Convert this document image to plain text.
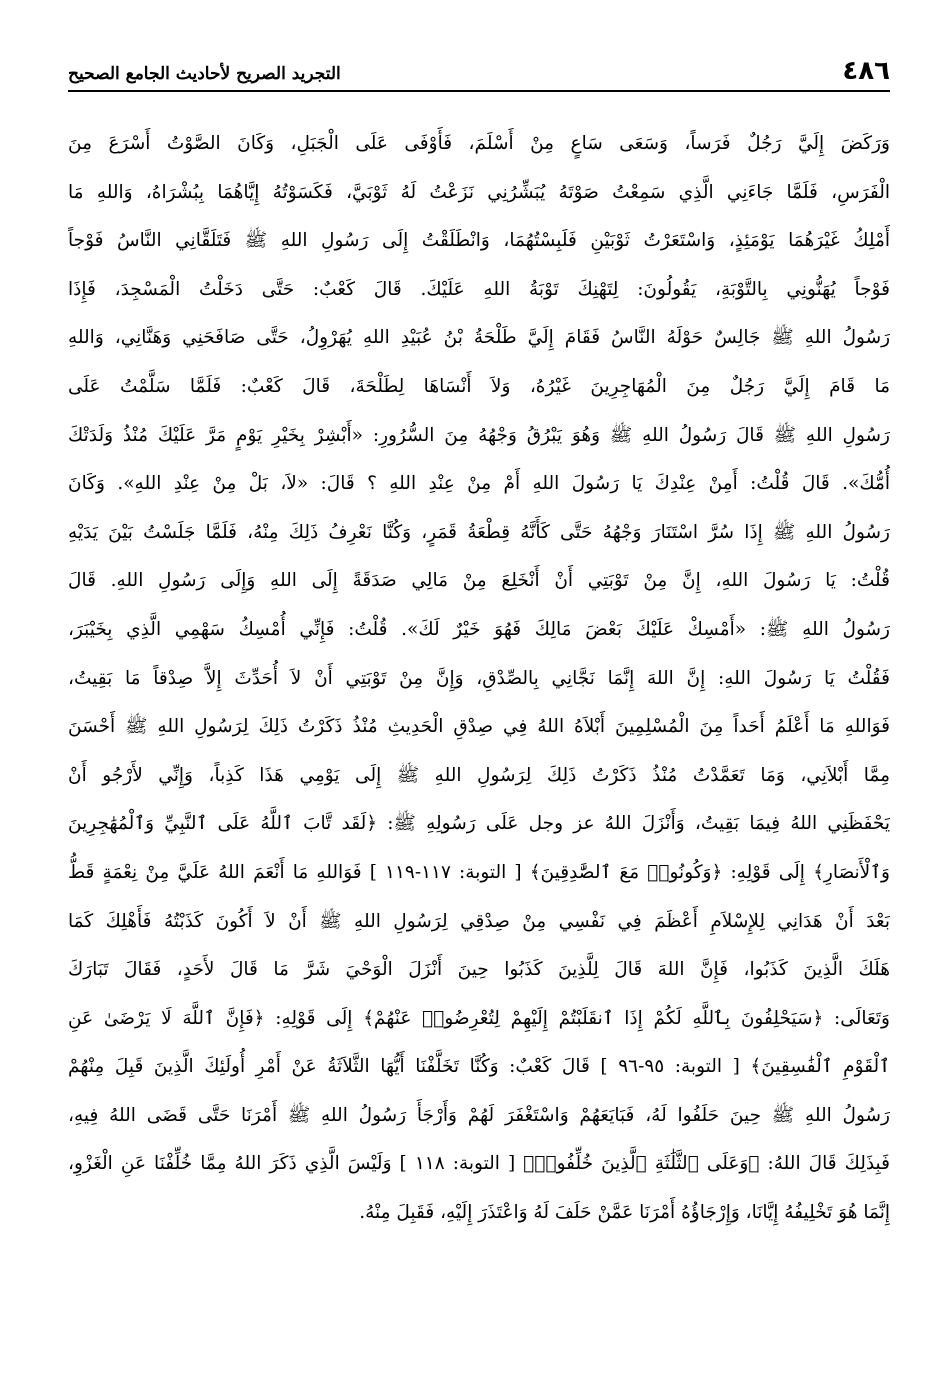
٤٨٦
التجريد الصريح لأحاديث الجامع الصحيح
وَرَكَضَ إِلَيَّ رَجُلٌ فَرَساً، وَسَعَى سَاعٍ مِنْ أَسْلَمَ، فَأَوْفَى عَلَى الْجَبَلِ، وَكَانَ الصَّوْتُ أَسْرَعَ مِنَ
الْفَرَسِ، فَلَمَّا جَاءَنِي الَّذِي سَمِعْتُ صَوْتَهُ يُبَشِّرُنِي نَزَعْتُ لَهُ ثَوْبَيَّ، فَكَسَوْتُهُ إِيَّاهُمَا بِبُشْرَاهُ، وَاللهِ مَا
أَمْلِكُ غَيْرَهُمَا يَوْمَئِذٍ، وَاسْتَعَرْتُ ثَوْبَيْنِ فَلَبِسْتُهُمَا، وَانْطَلَقْتُ إِلَى رَسُولِ اللهِ ﷺ فَتَلَقَّانِي النَّاسُ فَوْجاً
فَوْجاً يُهَنُّونِي بِالتَّوْبَةِ، يَقُولُونَ: لِتَهْنِكَ تَوْبَةُ اللهِ عَلَيْكَ. قَالَ كَعْبٌ: حَتَّى دَخَلْتُ الْمَسْجِدَ، فَإِذَا
رَسُولُ اللهِ ﷺ جَالِسٌ حَوْلَهُ النَّاسُ فَقَامَ إِلَيَّ طَلْحَةُ بْنُ عُبَيْدِ اللهِ يُهَرْوِلُ، حَتَّى صَافَحَنِي وَهَنَّانِي، وَاللهِ
مَا قَامَ إِلَيَّ رَجُلٌ مِنَ الْمُهَاجِرِينَ غَيْرُهُ، وَلاَ أَنْسَاهَا لِطَلْحَةَ، قَالَ كَعْبٌ: فَلَمَّا سَلَّمْتُ عَلَى
رَسُولِ اللهِ ﷺ قَالَ رَسُولُ اللهِ ﷺ وَهُوَ يَبْرُقُ وَجْهُهُ مِنَ السُّرُورِ: «أَبْشِرْ بِخَيْرِ يَوْمٍ مَرَّ عَلَيْكَ مُنْذُ وَلَدَتْكَ
أُمُّكَ». قَالَ قُلْتُ: أَمِنْ عِنْدِكَ يَا رَسُولَ اللهِ أَمْ مِنْ عِنْدِ اللهِ ؟ قَالَ: «لاَ، بَلْ مِنْ عِنْدِ اللهِ». وَكَانَ
رَسُولُ اللهِ ﷺ إِذَا سُرَّ اسْتَنَارَ وَجْهُهُ حَتَّى كَأَنَّهُ قِطْعَةُ قَمَرٍ، وَكُنَّا نَعْرِفُ ذَلِكَ مِنْهُ، فَلَمَّا جَلَسْتُ بَيْنَ يَدَيْهِ
قُلْتُ: يَا رَسُولَ اللهِ، إِنَّ مِنْ تَوْبَتِي أَنْ أَنْخَلِعَ مِنْ مَالِي صَدَقَةً إِلَى اللهِ وَإِلَى رَسُولِ اللهِ. قَالَ
رَسُولُ اللهِ ﷺ: «أَمْسِكْ عَلَيْكَ بَعْضَ مَالِكَ فَهُوَ خَيْرٌ لَكَ». قُلْتُ: فَإِنِّي أُمْسِكُ سَهْمِي الَّذِي بِخَيْبَرَ،
فَقُلْتُ يَا رَسُولَ اللهِ: إِنَّ اللهَ إِنَّمَا نَجَّانِي بِالصِّدْقِ، وَإِنَّ مِنْ تَوْبَتِي أَنْ لاَ أُحَدِّثَ إِلاَّ صِدْقاً مَا بَقِيتُ،
فَوَاللهِ مَا أَعْلَمُ أَحَداً مِنَ الْمُسْلِمِينَ أَبْلاَهُ اللهُ فِي صِدْقِ الْحَدِيثِ مُنْذُ ذَكَرْتُ ذَلِكَ لِرَسُولِ اللهِ ﷺ أَحْسَنَ
مِمَّا أَبْلاَنِي، وَمَا تَعَمَّدْتُ مُنْذُ ذَكَرْتُ ذَلِكَ لِرَسُولِ اللهِ ﷺ إِلَى يَوْمِي هَذَا كَذِباً، وَإِنِّي لأَرْجُو أَنْ
يَحْفَظَنِي اللهُ فِيمَا بَقِيتُ، وَأَنْزَلَ اللهُ عز وجل عَلَى رَسُولِهِ ﷺ: ﴿لَقَد تَّابَ ٱللَّهُ عَلَى ٱلنَّبِيِّ وَٱلْمُهَٰجِرِينَ
وَٱلْأَنصَارِ﴾ إِلَى قَوْلِهِ: ﴿وَكُونُوا۟ مَعَ ٱلصَّٰدِقِينَ﴾ [ التوبة: ١١٧-١١٩ ] فَوَاللهِ مَا أَنْعَمَ اللهُ عَلَيَّ مِنْ نِعْمَةٍ قَطُّ
بَعْدَ أَنْ هَدَانِي لِلإِسْلاَمِ أَعْظَمَ فِي نَفْسِي مِنْ صِدْقِي لِرَسُولِ اللهِ ﷺ أَنْ لاَ أَكُونَ كَذَبْتُهُ فَأَهْلِكَ كَمَا
هَلَكَ الَّذِينَ كَذَبُوا، فَإِنَّ اللهَ قَالَ لِلَّذِينَ كَذَبُوا حِينَ أَنْزَلَ الْوَحْيَ شَرَّ مَا قَالَ لأَحَدٍ، فَقَالَ تَبَارَكَ
وَتَعَالَى: ﴿سَيَحْلِفُونَ بِٱللَّهِ لَكُمْ إِذَا ٱنقَلَبْتُمْ إِلَيْهِمْ لِتُعْرِضُوا۟ عَنْهُمْ﴾ إِلَى قَوْلِهِ: ﴿فَإِنَّ ٱللَّهَ لَا يَرْضَىٰ عَنِ
ٱلْقَوْمِ ٱلْفَٰسِقِينَ﴾ [ التوبة: ٩٥-٩٦ ] قَالَ كَعْبٌ: وَكُنَّا تَخَلَّفْنَا أَيُّهَا الثَّلاَثَةُ عَنْ أَمْرِ أُولَئِكَ الَّذِينَ قَبِلَ مِنْهُمْ
رَسُولُ اللهِ ﷺ حِينَ حَلَفُوا لَهُ، فَبَايَعَهُمْ وَاسْتَغْفَرَ لَهُمْ وَأَرْجَأَ رَسُولُ اللهِ ﷺ أَمْرَنَا حَتَّى قَضَى اللهُ فِيهِ،
فَبِذَلِكَ قَالَ اللهُ: ﴿وَعَلَى ٱلثَّلَٰثَةِ ٱلَّذِينَ خُلِّفُوا۟﴾ [ التوبة: ١١٨ ] وَلَيْسَ الَّذِي ذَكَرَ اللهُ مِمَّا خُلِّفْنَا عَنِ الْغَزْوِ،
إِنَّمَا هُوَ تَخْلِيفُهُ إِيَّانَا، وَإِرْجَاؤُهُ أَمْرَنَا عَمَّنْ حَلَفَ لَهُ وَاعْتَذَرَ إِلَيْهِ، فَقَبِلَ مِنْهُ.
